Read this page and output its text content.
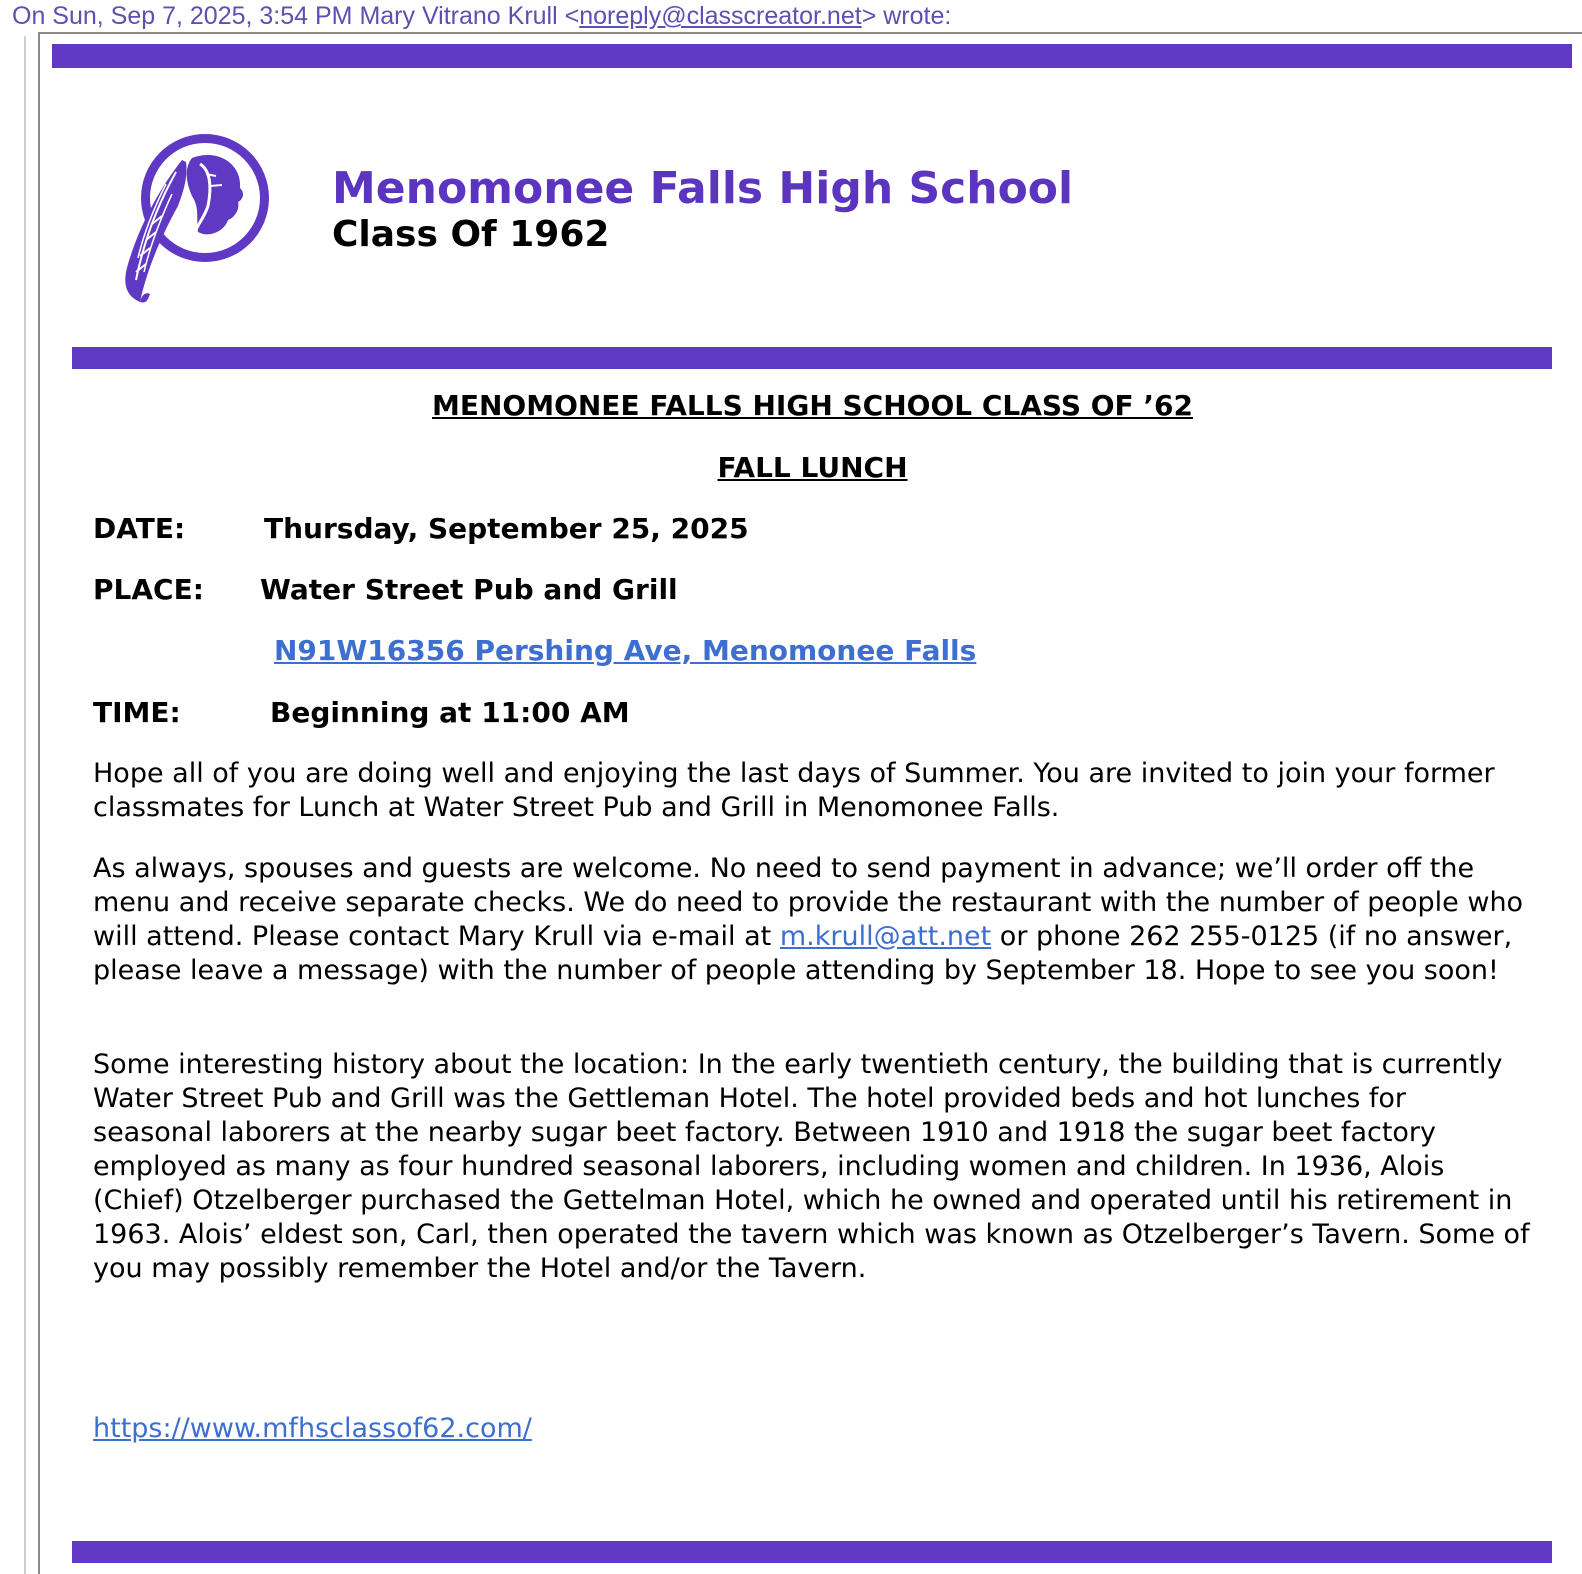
On Sun, Sep 7, 2025, 3:54 PM Mary Vitrano Krull <noreply@classcreator.net> wrote:
Menomonee Falls High School
Class Of 1962
MENOMONEE FALLS HIGH SCHOOL CLASS OF ’62
FALL LUNCH
DATE:	Thursday, September 25, 2025
PLACE: Water Street Pub and Grill
N91W16356 Pershing Ave, Menomonee Falls
TIME:	Beginning at 11:00 AM

Hope all of you are doing well and enjoying the last days of Summer. You are invited to join your former classmates for Lunch at Water Street Pub and Grill in Menomonee Falls.

As always, spouses and guests are welcome. No need to send payment in advance; we’ll order off the menu and receive separate checks. We do need to provide the restaurant with the number of people who will attend. Please contact Mary Krull via e-mail at m.krull@att.net or phone 262 255-0125 (if no answer, please leave a message) with the number of people attending by September 18. Hope to see you soon!

Some interesting history about the location: In the early twentieth century, the building that is currently Water Street Pub and Grill was the Gettleman Hotel. The hotel provided beds and hot lunches for seasonal laborers at the nearby sugar beet factory. Between 1910 and 1918 the sugar beet factory employed as many as four hundred seasonal laborers, including women and children. In 1936, Alois (Chief) Otzelberger purchased the Gettelman Hotel, which he owned and operated until his retirement in 1963. Alois’ eldest son, Carl, then operated the tavern which was known as Otzelberger’s Tavern. Some of you may possibly remember the Hotel and/or the Tavern.

https://www.mfhsclassof62.com/
